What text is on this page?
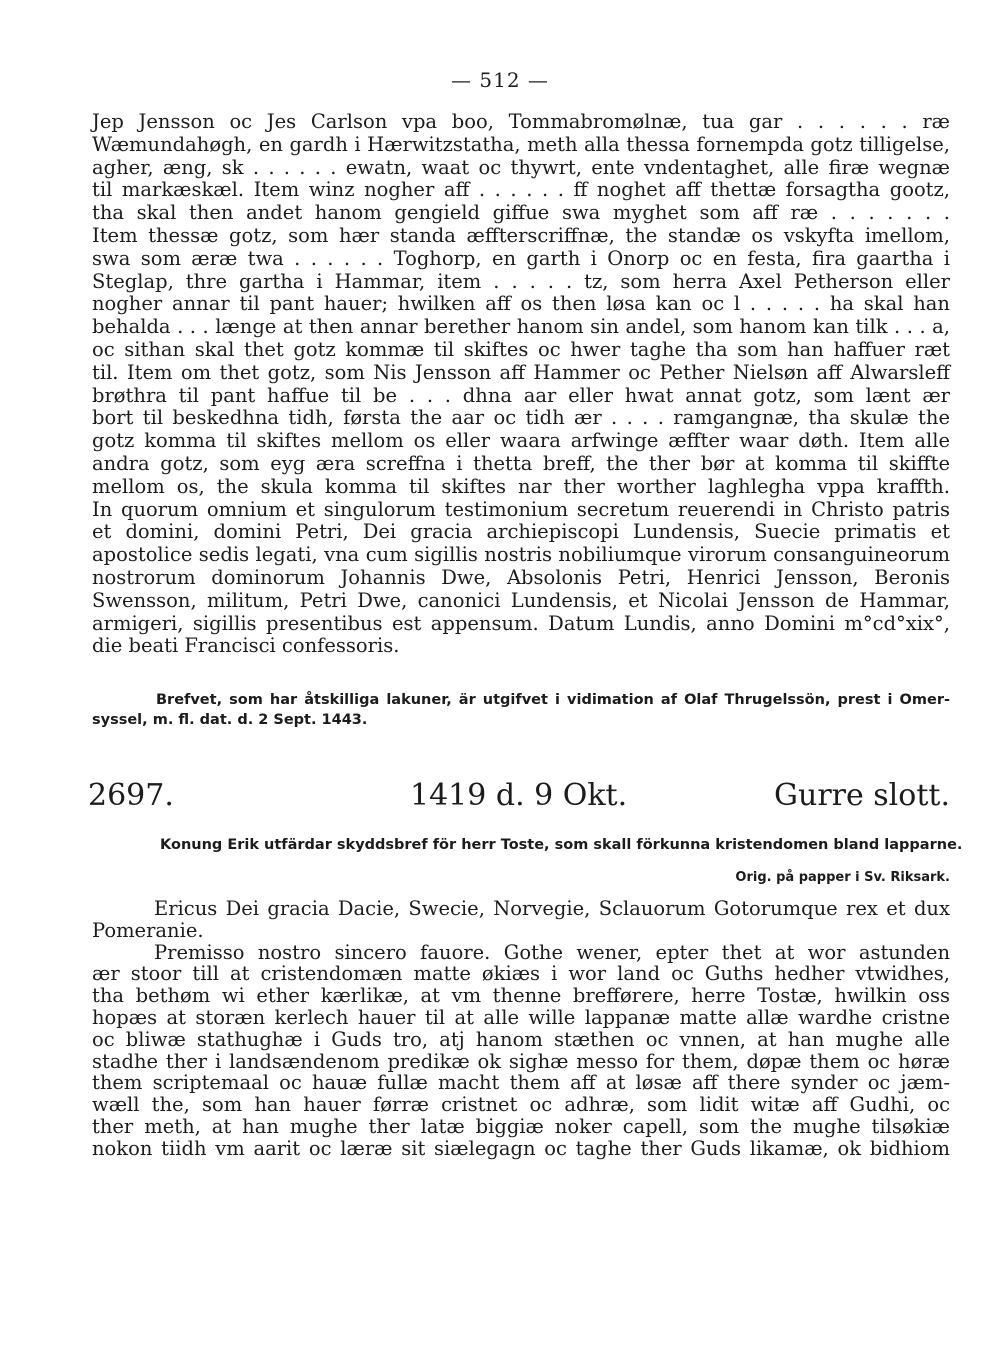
— 512 —
Jep Jensson oc Jes Carlson vpa boo, Tommabromølnæ, tua gar . . . . . . ræ
Wæmundahøgh, en gardh i Hærwitzstatha, meth alla thessa fornempda gotz tilligelse,
agher, æng, sk . . . . . . ewatn, waat oc thywrt, ente vndentaghet, alle firæ wegnæ
til markæskæl. Item winz nogher aff . . . . . . ff noghet aff thettæ forsagtha gootz,
tha skal then andet hanom gengield giffue swa myghet som aff ræ . . . . . . .
Item thessæ gotz, som hær standa æffterscriffnæ, the standæ os vskyfta imellom,
swa som æræ twa . . . . . . Toghorp, en garth i Onorp oc en festa, fira gaartha i
Steglap, thre gartha i Hammar, item . . . . . tz, som herra Axel Petherson eller
nogher annar til pant hauer; hwilken aff os then løsa kan oc l . . . . . ha skal han
behalda . . . længe at then annar berether hanom sin andel, som hanom kan tilk . . . a,
oc sithan skal thet gotz kommæ til skiftes oc hwer taghe tha som han haffuer ræt
til. Item om thet gotz, som Nis Jensson aff Hammer oc Pether Nielsøn aff Alwarsleff
brøthra til pant haffue til be . . . dhna aar eller hwat annat gotz, som lænt ær
bort til beskedhna tidh, førsta the aar oc tidh ær . . . . ramgangnæ, tha skulæ the
gotz komma til skiftes mellom os eller waara arfwinge æffter waar døth. Item alle
andra gotz, som eyg æra screffna i thetta breff, the ther bør at komma til skiffte
mellom os, the skula komma til skiftes nar ther worther laghlegha vppa kraffth.
In quorum omnium et singulorum testimonium secretum reuerendi in Christo patris
et domini, domini Petri, Dei gracia archiepiscopi Lundensis, Suecie primatis et
apostolice sedis legati, vna cum sigillis nostris nobiliumque virorum consanguineorum
nostrorum dominorum Johannis Dwe, Absolonis Petri, Henrici Jensson, Beronis
Swensson, militum, Petri Dwe, canonici Lundensis, et Nicolai Jensson de Hammar,
armigeri, sigillis presentibus est appensum. Datum Lundis, anno Domini m°cd°xix°,
die beati Francisci confessoris.
Brefvet, som har åtskilliga lakuner, är utgifvet i vidimation af Olaf Thrugelssön, prest i Omer-
syssel, m. fl. dat. d. 2 Sept. 1443.
2697.	1419 d. 9 Okt.	Gurre slott.
Konung Erik utfärdar skyddsbref för herr Toste, som skall förkunna kristendomen bland lapparne.
Orig. på papper i Sv. Riksark.
Ericus Dei gracia Dacie, Swecie, Norvegie, Sclauorum Gotorumque rex et dux
Pomeranie.
Premisso nostro sincero fauore. Gothe wener, epter thet at wor astunden
ær stoor till at cristendomæn matte økiæs i wor land oc Guths hedher vtwidhes,
tha bethøm wi ether kærlikæ, at vm thenne brefførere, herre Tostæ, hwilkin oss
hopæs at storæn kerlech hauer til at alle wille lappanæ matte allæ wardhe cristne
oc bliwæ stathughæ i Guds tro, atj hanom stæthen oc vnnen, at han mughe alle
stadhe ther i landsændenom predikæ ok sighæ messo for them, døpæ them oc høræ
them scriptemaal oc hauæ fullæ macht them aff at løsæ aff there synder oc jæm-
wæll the, som han hauer førræ cristnet oc adhræ, som lidit witæ aff Gudhi, oc
ther meth, at han mughe ther latæ biggiæ noker capell, som the mughe tilsøkiæ
nokon tiidh vm aarit oc læræ sit siælegagn oc taghe ther Guds likamæ, ok bidhiom
